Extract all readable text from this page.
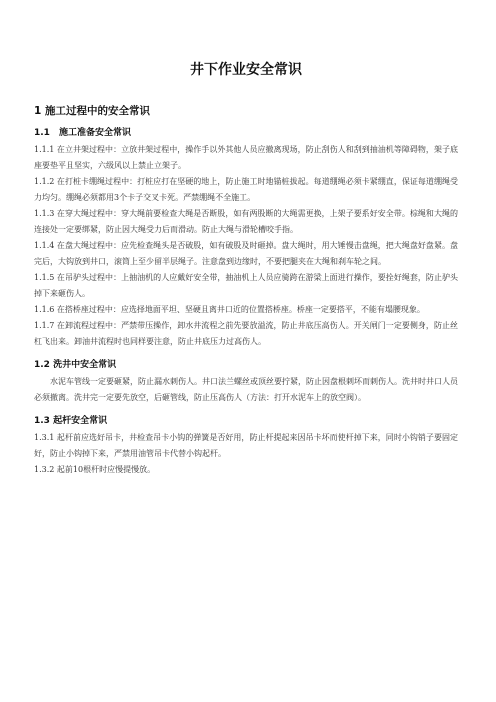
井下作业安全常识
1 施工过程中的安全常识
1.1　施工准备安全常识

1.1.1 在立井架过程中：立放井架过程中，操作手以外其他人员应撤离现场，防止刮伤人和刮到抽油机等障碍物，架子底座要垫平且坚实，六级风以上禁止立架子。

1.1.2 在打桩卡绷绳过程中：打桩应打在坚硬的地上，防止施工时地锚桩拔起。每道绷绳必须卡紧绷直，保证每道绷绳受力均匀。绷绳必须都用3个卡子交叉卡死。严禁绷绳不全施工。

1.1.3 在穿大绳过程中：穿大绳前要检查大绳是否断股，如有两股断的大绳需更换，上架子要系好安全带。棕绳和大绳的连接处一定要绑紧，防止因大绳受力后而滑动。防止大绳与滑轮槽咬手指。

1.1.4 在盘大绳过程中：应先检查绳头是否破股，如有破股及时砸掉。盘大绳时，用大锤慢击盘绳，把大绳盘好盘紧。盘完后，大钩放到井口，滚筒上至少留半层绳子。注意盘到边缘时，不要把腿夹在大绳和刹车轮之间。

1.1.5 在吊驴头过程中：上抽油机的人应戴好安全带，抽油机上人员应骑跨在游梁上面进行操作，要拴好绳套，防止驴头掉下来砸伤人。

1.1.6 在搭桥座过程中：应选择地面平坦、坚硬且离井口近的位置搭桥座。桥座一定要搭平，不能有塌腰现象。

1.1.7 在卸流程过程中：严禁带压操作，卸水井流程之前先要放溢流，防止井底压高伤人。开关闸门一定要侧身，防止丝杠飞出来。卸油井流程时也同样要注意，防止井底压力过高伤人。

1.2 洗井中安全常识

水泥车管线一定要砸紧，防止漏水刺伤人。井口法兰螺丝或顶丝要拧紧，防止因盘根刺坏而刺伤人。洗井时井口人员必须撤离。洗井完一定要先放空，后砸管线，防止压高伤人（方法：打开水泥车上的放空阀）。

1.3 起杆安全常识

1.3.1 起杆前应选好吊卡，井检查吊卡小钩的弹簧是否好用，防止杆提起来因吊卡坏而使杆掉下来，同时小钩销子要固定好，防止小钩掉下来，严禁用油管吊卡代替小钩起杆。

1.3.2 起前10根杆时应慢提慢放。
